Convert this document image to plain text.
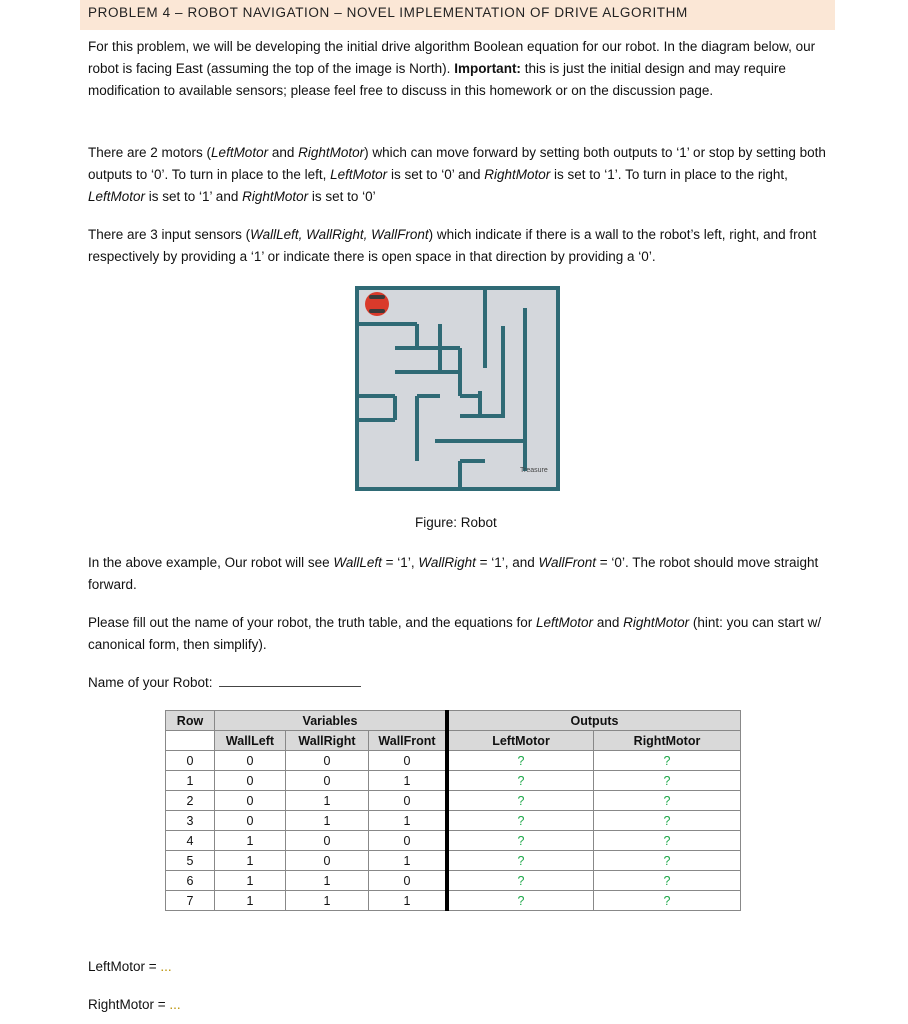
PROBLEM 4 – ROBOT NAVIGATION – NOVEL IMPLEMENTATION OF DRIVE ALGORITHM
For this problem, we will be developing the initial drive algorithm Boolean equation for our robot. In the diagram below, our robot is facing East (assuming the top of the image is North). Important: this is just the initial design and may require modification to available sensors; please feel free to discuss in this homework or on the discussion page.
There are 2 motors (LeftMotor and RightMotor) which can move forward by setting both outputs to ‘1’ or stop by setting both outputs to ‘0’. To turn in place to the left, LeftMotor is set to ‘0’ and RightMotor is set to ‘1’. To turn in place to the right, LeftMotor is set to ‘1’ and RightMotor is set to ‘0’
There are 3 input sensors (WallLeft, WallRight, WallFront) which indicate if there is a wall to the robot’s left, right, and front respectively by providing a ‘1’ or indicate there is open space in that direction by providing a ‘0’.
Treasure
Figure: Robot
In the above example, Our robot will see WallLeft = ‘1’, WallRight = ‘1’, and WallFront = ‘0’. The robot should move straight forward.
Please fill out the name of your robot, the truth table, and the equations for LeftMotor and RightMotor (hint: you can start w/ canonical form, then simplify).
Name of your Robot:
Row	Variables			Outputs	
	WallLeft	WallRight	WallFront	LeftMotor	RightMotor
0	0	0	0	?	?
1	0	0	1	?	?
2	0	1	0	?	?
3	0	1	1	?	?
4	1	0	0	?	?
5	1	0	1	?	?
6	1	1	0	?	?
7	1	1	1	?	?
LeftMotor = ...
RightMotor = ...
